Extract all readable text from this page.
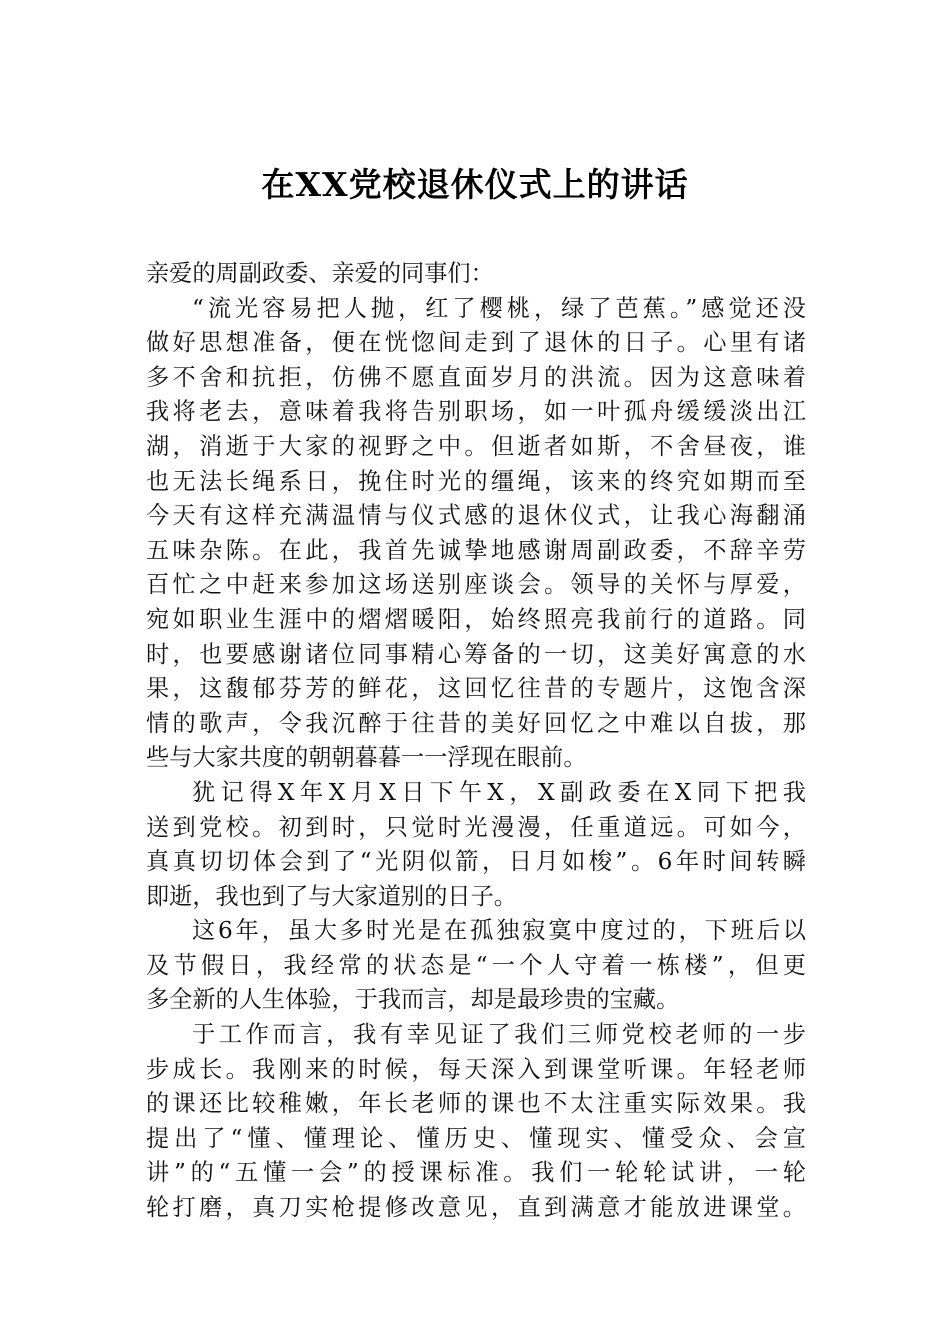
在XX党校退休仪式上的讲话
亲爱的周副政委、亲爱的同事们：
“流光容易把人抛，红了樱桃，绿了芭蕉。”感觉还没
做好思想准备，便在恍惚间走到了退休的日子。心里有诸
多不舍和抗拒，仿佛不愿直面岁月的洪流。因为这意味着
我将老去，意味着我将告别职场，如一叶孤舟缓缓淡出江
湖，消逝于大家的视野之中。但逝者如斯，不舍昼夜，谁
也无法长绳系日，挽住时光的缰绳，该来的终究如期而至
今天有这样充满温情与仪式感的退休仪式，让我心海翻涌
五味杂陈。在此，我首先诚挚地感谢周副政委，不辞辛劳
百忙之中赶来参加这场送别座谈会。领导的关怀与厚爱，
宛如职业生涯中的熠熠暖阳，始终照亮我前行的道路。同
时，也要感谢诸位同事精心筹备的一切，这美好寓意的水
果，这馥郁芬芳的鲜花，这回忆往昔的专题片，这饱含深
情的歌声，令我沉醉于往昔的美好回忆之中难以自拔，那
些与大家共度的朝朝暮暮一一浮现在眼前。
犹记得X年X月X日下午X，X副政委在X同下把我
送到党校。初到时，只觉时光漫漫，任重道远。可如今，
真真切切体会到了“光阴似箭，日月如梭”。6年时间转瞬
即逝，我也到了与大家道别的日子。
这6年，虽大多时光是在孤独寂寞中度过的，下班后以
及节假日，我经常的状态是“一个人守着一栋楼”，但更
多全新的人生体验，于我而言，却是最珍贵的宝藏。
于工作而言，我有幸见证了我们三师党校老师的一步
步成长。我刚来的时候，每天深入到课堂听课。年轻老师
的课还比较稚嫩，年长老师的课也不太注重实际效果。我
提出了“懂、懂理论、懂历史、懂现实、懂受众、会宣
讲”的“五懂一会”的授课标准。我们一轮轮试讲，一轮
轮打磨，真刀实枪提修改意见，直到满意才能放进课堂。
